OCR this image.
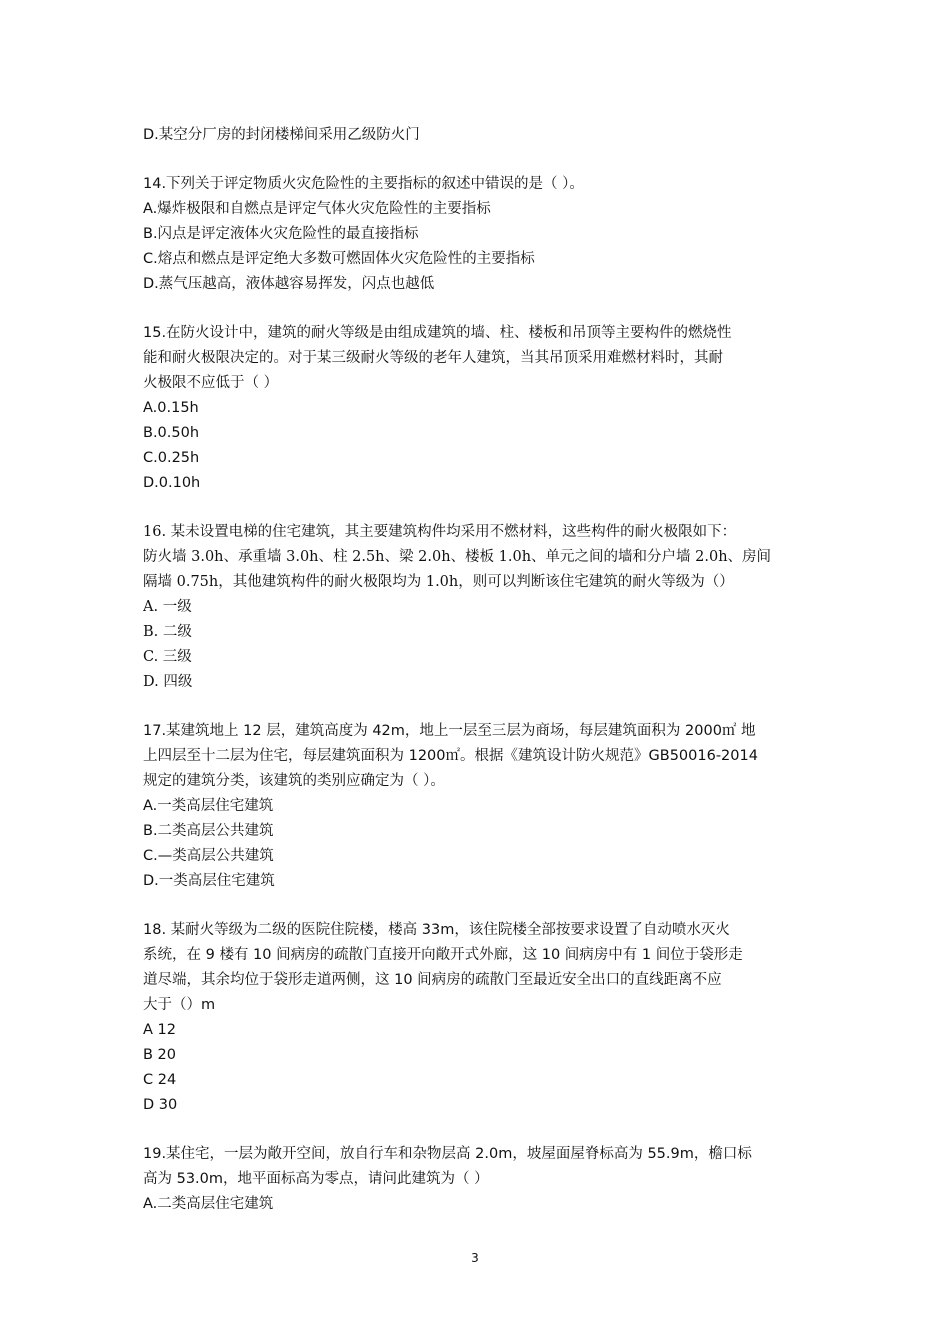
D.某空分厂房的封闭楼梯间采用乙级防火门
14.下列关于评定物质火灾危险性的主要指标的叙述中错误的是（ ）。
A.爆炸极限和自燃点是评定气体火灾危险性的主要指标
B.闪点是评定液体火灾危险性的最直接指标
C.熔点和燃点是评定绝大多数可燃固体火灾危险性的主要指标
D.蒸气压越高，液体越容易挥发，闪点也越低
15.在防火设计中，建筑的耐火等级是由组成建筑的墙、柱、楼板和吊顶等主要构件的燃烧性
能和耐火极限决定的。对于某三级耐火等级的老年人建筑，当其吊顶采用难燃材料时，其耐
火极限不应低于（ ）
A.0.15h
B.0.50h
C.0.25h
D.0.10h
16. 某未设置电梯的住宅建筑，其主要建筑构件均采用不燃材料，这些构件的耐火极限如下：
防火墙 3.0h、承重墙 3.0h、柱 2.5h、梁 2.0h、楼板 1.0h、单元之间的墙和分户墙 2.0h、房间
隔墙 0.75h，其他建筑构件的耐火极限均为 1.0h，则可以判断该住宅建筑的耐火等级为（）
A. 一级
B. 二级
C. 三级
D. 四级
17.某建筑地上 12 层，建筑高度为 42m，地上一层至三层为商场，每层建筑面积为 2000㎡ 地
上四层至十二层为住宅，每层建筑面积为 1200㎡。根据《建筑设计防火规范》GB50016-2014
规定的建筑分类，该建筑的类别应确定为（ ）。
A.一类高层住宅建筑
B.二类高层公共建筑
C.—类高层公共建筑
D.一类高层住宅建筑
18. 某耐火等级为二级的医院住院楼，楼高 33m，该住院楼全部按要求设置了自动喷水灭火
系统，在 9 楼有 10 间病房的疏散门直接开向敞开式外廊，这 10 间病房中有 1 间位于袋形走
道尽端，其余均位于袋形走道两侧，这 10 间病房的疏散门至最近安全出口的直线距离不应
大于（）m
A 12
B 20
C 24
D 30
19.某住宅，一层为敞开空间，放自行车和杂物层高 2.0m，坡屋面屋脊标高为 55.9m，檐口标
高为 53.0m，地平面标高为零点，请问此建筑为（ ）
A.二类高层住宅建筑
3
